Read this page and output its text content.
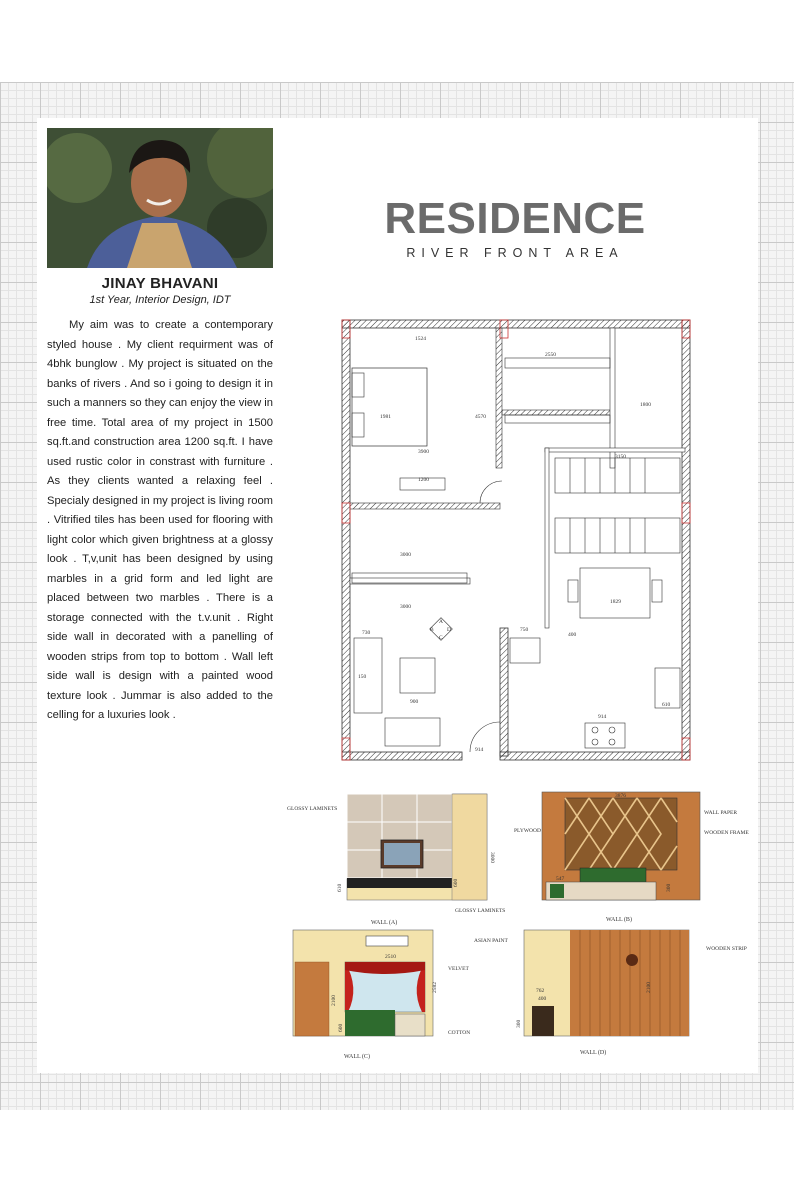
JINAY BHAVANI
1st Year, Interior Design, IDT

My aim was to create a contemporary styled house . My client requirment was of 4bhk bunglow . My project is situated on the banks of rivers . And so i going to design it in such a manners so they can enjoy the view in free time. Total area of my project in 1500 sq.ft.and construction area 1200 sq.ft. I have used rustic color in constrast with furniture . As they clients wanted a relaxing feel . Specialy designed in my project is living room . Vitrified tiles has been used for flooring with light color which given brightness at a glossy look . T,v,unit has been designed by using marbles in a grid form and led light are placed between two marbles . There is a storage connected with the t.v.unit . Right side wall in decorated with a panelling of wooden strips from top to bottom . Wall left side wall is design with a painted wood texture look . Jummar is also added to the celling for a luxuries look .

RESIDENCE
RIVER FRONT AREA
1524
2550
3900
1200
3150
1800
3000
3000
1829
914
914
750
400
900	610
1981	4570
730
150
A
B
C
D
GLOSSY LAMINETS
GLOSSY LAMINETS
3000
600
610
WALL (A)
WALL PAPER
PLYWOOD	WOODEN FRAME
3876
547
300
WALL (B)
2510
VELVET
COTTON
2582
2100
600
WALL (C)
ASIAN PAINT
WOODEN STRIP
762
400
2100
300
WALL (D)
